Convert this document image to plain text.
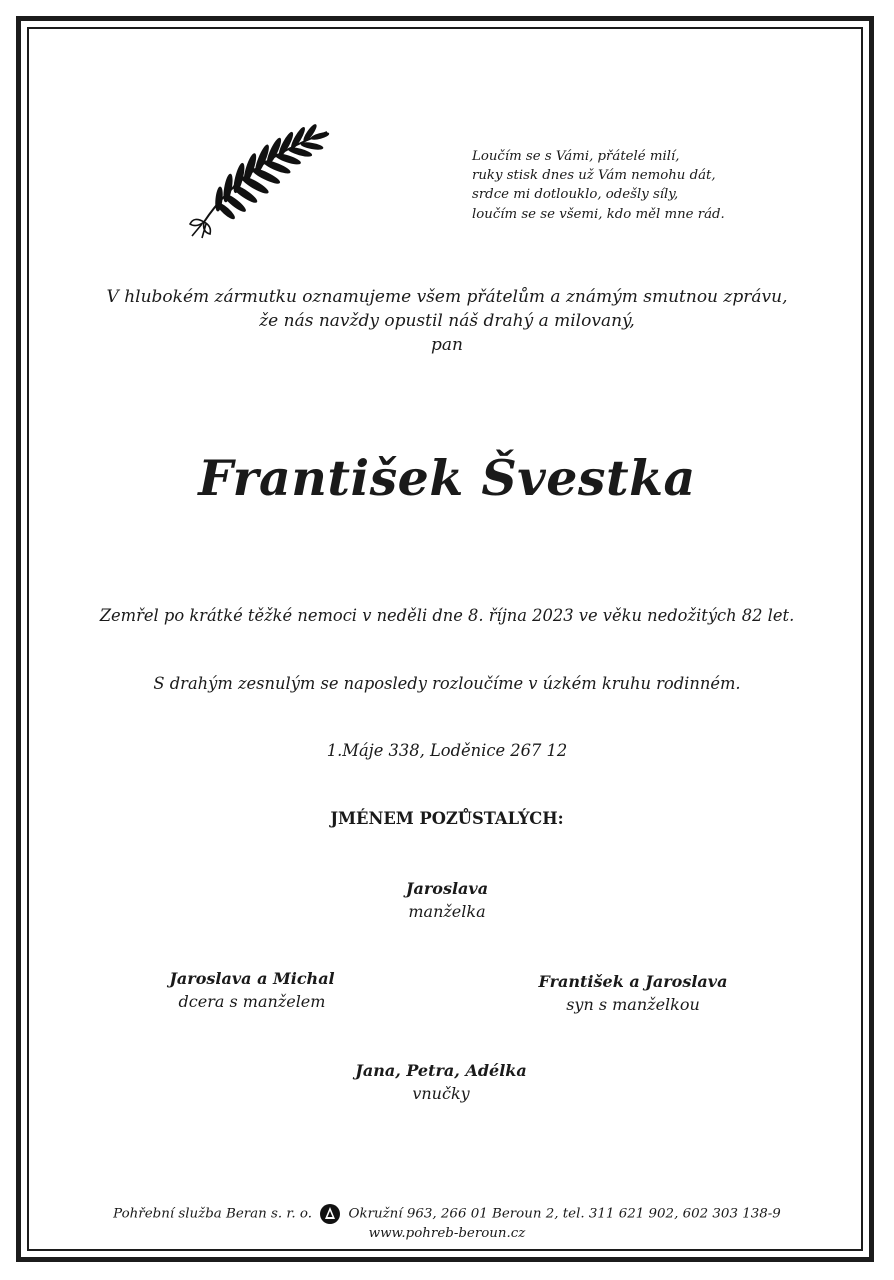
Loučím se s Vámi, přátelé milí,
ruky stisk dnes už Vám nemohu dát,
srdce mi dotlouklo, odešly síly,
loučím se se všemi, kdo měl mne rád.
V hlubokém zármutku oznamujeme všem přátelům a známým smutnou zprávu,
že nás navždy opustil náš drahý a milovaný,
pan
František Švestka
Zemřel po krátké těžké nemoci v neděli dne 8. října 2023 ve věku nedožitých 82 let.
S drahým zesnulým se naposledy rozloučíme v úzkém kruhu rodinném.
1.Máje 338, Loděnice 267 12
JMÉNEM POZŮSTALÝCH:
Jaroslava
manželka
Jaroslava a Michal
dcera s manželem
František a Jaroslava
syn s manželkou
Jana, Petra, Adélka
vnučky
Pohřební služba Beran s. r. o.	Okružní 963, 266 01 Beroun 2, tel. 311 621 902, 602 303 138-9
www.pohreb-beroun.cz
